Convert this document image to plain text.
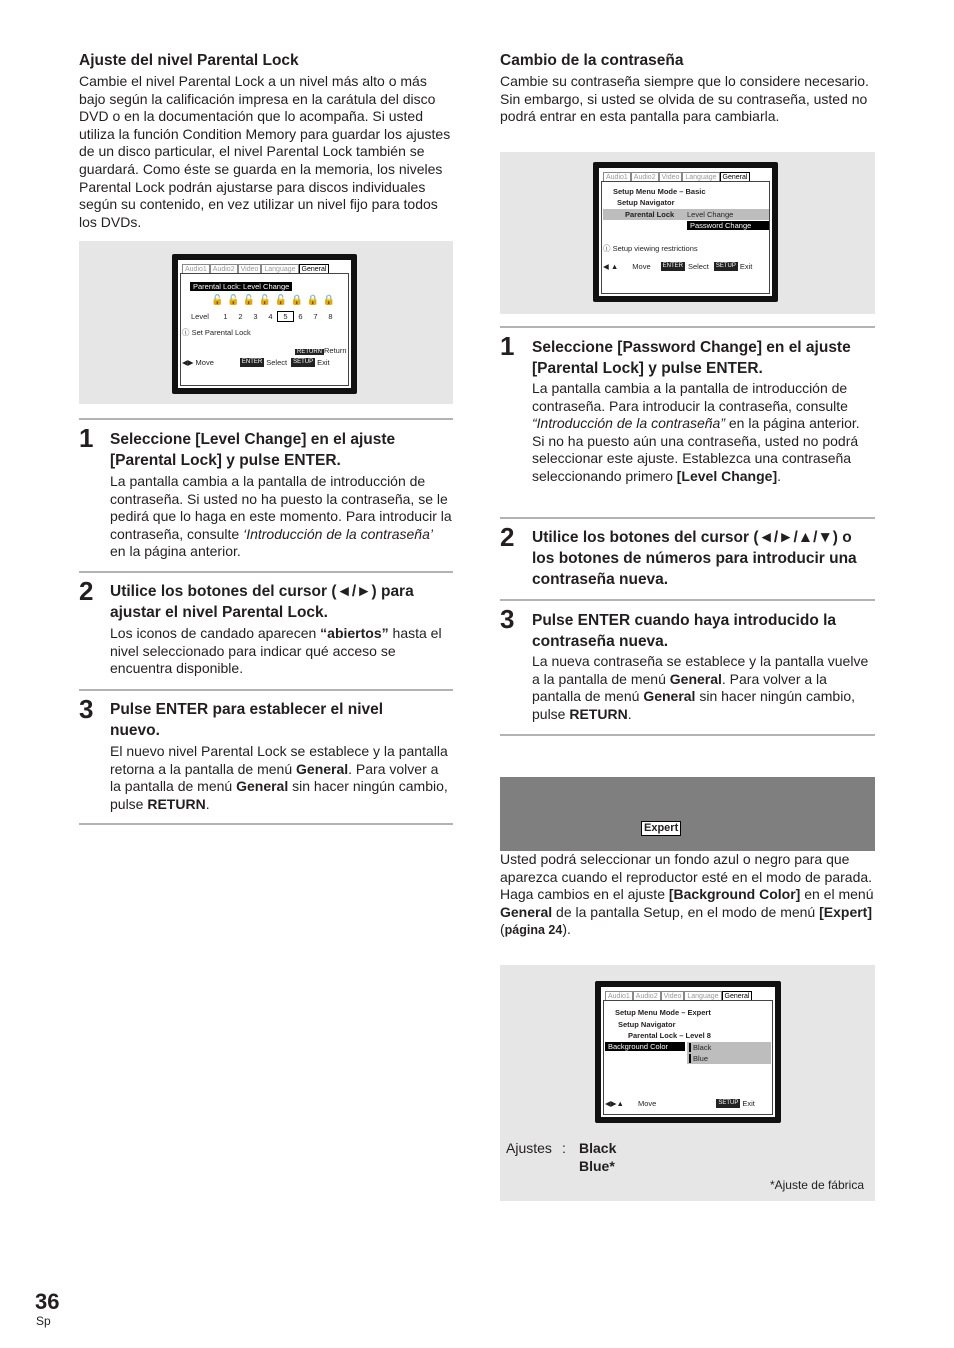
Ajuste del nivel Parental Lock
Cambie el nivel Parental Lock a un nivel más alto o más bajo según la calificación impresa en la carátula del disco DVD o en la documentación que lo acompaña. Si usted utiliza la función Condition Memory para guardar los ajustes de un disco particular, el nivel Parental Lock también se guardará. Como éste se guarda en la memoria, los niveles Parental Lock podrán ajustarse para discos individuales según su contenido, en vez utilizar un nivel fijo para todos los DVDs.
Audio1 Audio2 Video Language General
Parental Lock: Level Change
🔓 🔓 🔓 🔓 🔓 🔒 🔒 🔒
Level	1	2	3	4	5	6	7	8
ⓘ Set Parental Lock
RETURN Return
◀▶ Move	ENTER Select	SETUP Exit
1 Seleccione [Level Change] en el ajuste [Parental Lock] y pulse ENTER.
La pantalla cambia a la pantalla de introducción de contraseña. Si usted no ha puesto la contraseña, se le pedirá que lo haga en este momento. Para introducir la contraseña, consulte ‘Introducción de la contraseña’ en la página anterior.
2 Utilice los botones del cursor (◄/►) para ajustar el nivel Parental Lock.
Los iconos de candado aparecen “abiertos” hasta el nivel seleccionado para indicar qué acceso se encuentra disponible.
3 Pulse ENTER para establecer el nivel nuevo.
El nuevo nivel Parental Lock se establece y la pantalla retorna a la pantalla de menú General. Para volver a la pantalla de menú General sin hacer ningún cambio, pulse RETURN.
Cambio de la contraseña
Cambie su contraseña siempre que lo considere necesario. Sin embargo, si usted se olvida de su contraseña, usted no podrá entrar en esta pantalla para cambiarla.
Audio1 Audio2 Video Language General
Setup Menu Mode – Basic
Setup Navigator
Parental Lock Level Change
Password Change
ⓘ Setup viewing restrictions
◀ ▲ Move	ENTER Select	SETUP Exit
1 Seleccione [Password Change] en el ajuste [Parental Lock] y pulse ENTER.
La pantalla cambia a la pantalla de introducción de contraseña. Para introducir la contraseña, consulte “Introducción de la contraseña” en la página anterior.
Si no ha puesto aún una contraseña, usted no podrá seleccionar este ajuste. Establezca una contraseña seleccionando primero [Level Change].
2 Utilice los botones del cursor (◄/►/▲/▼) o los botones de números para introducir una contraseña nueva.
3 Pulse ENTER cuando haya introducido la contraseña nueva.
La nueva contraseña se establece y la pantalla vuelve a la pantalla de menú General. Para volver a la pantalla de menú General sin hacer ningún cambio, pulse RETURN.
Expert
Usted podrá seleccionar un fondo azul o negro para que aparezca cuando el reproductor esté en el modo de parada.
Haga cambios en el ajuste [Background Color] en el menú General de la pantalla Setup, en el modo de menú [Expert] (página 24).
Audio1 Audio2 Video Language General
Setup Menu Mode – Expert
Setup Navigator
Parental Lock – Level 8
Background Color	Black
Blue
◀▶▲ Move	SETUP Exit
Ajustes : Black
Blue*
*Ajuste de fábrica
36
Sp
